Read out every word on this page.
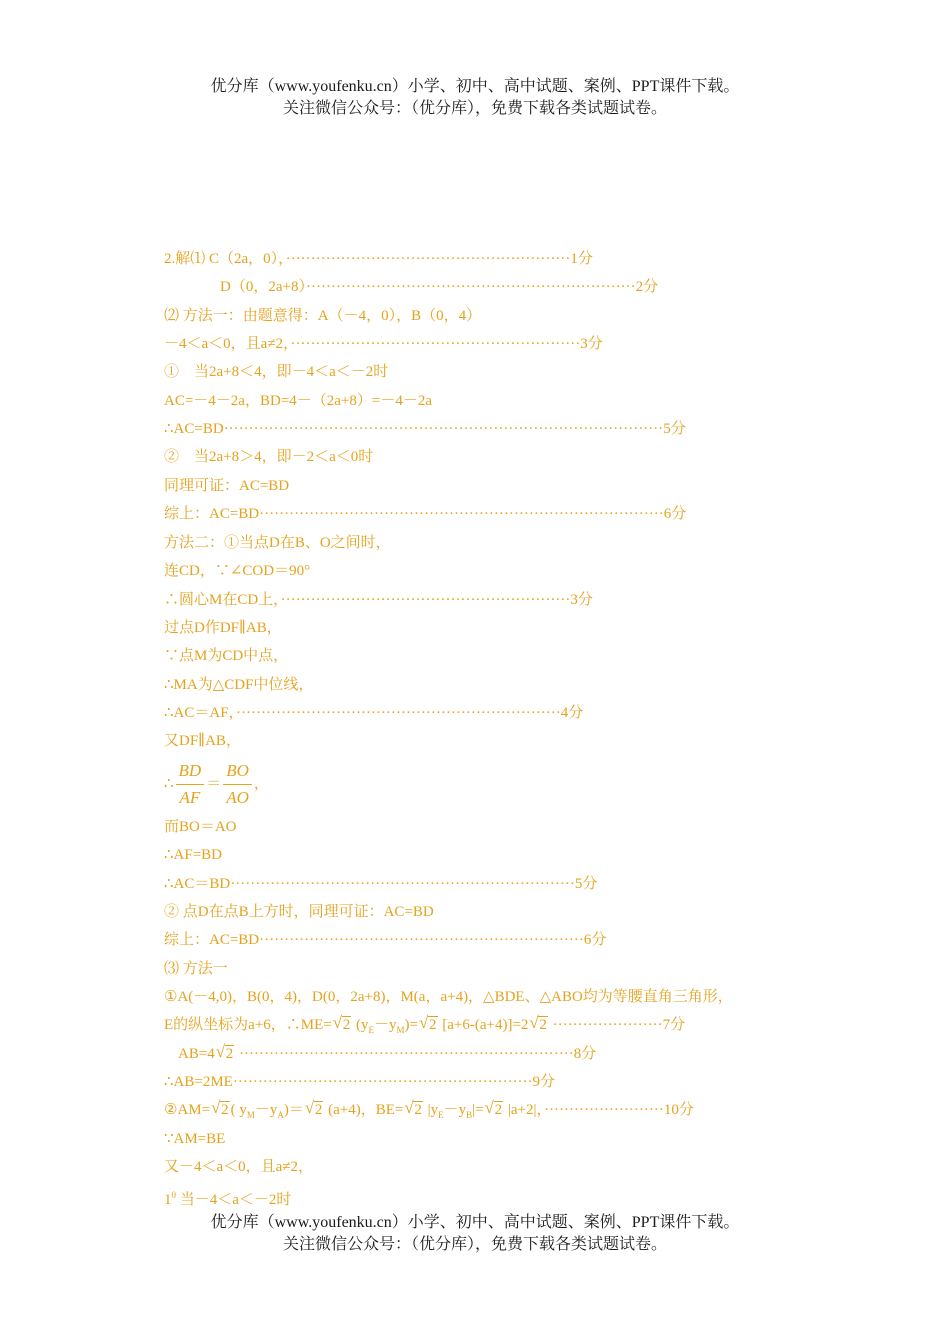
优分库（www.youfenku.cn）小学、初中、高中试题、案例、PPT课件下载。
关注微信公众号：（优分库），免费下载各类试题试卷。
2.解⑴ C（2a，0），·························································1分
D（0，2a+8）··································································2分
⑵ 方法一：由题意得：A（－4，0），B（0，4）
－4＜a＜0，且a≠2，··························································3分
①　当2a+8＜4，即－4＜a＜－2时
AC=－4－2a，BD=4－（2a+8）=－4－2a
∴AC=BD························································································5分
②　当2a+8＞4，即－2＜a＜0时
同理可证：AC=BD
综上：AC=BD·················································································6分
方法二：①当点D在B、O之间时，
连CD，∵∠COD＝90°
∴圆心M在CD上，··························································3分
过点D作DF∥AB，
∵点M为CD中点，
∴MA为△CDF中位线，
∴AC＝AF，·································································4分
又DF∥AB，
∴ $\frac{BD}{AF} = \frac{BO}{AO}$ ，
而BO＝AO
∴AF=BD
∴AC＝BD·····································································5分
② 点D在点B上方时，同理可证：AC=BD
综上：AC=BD·································································6分
⑶ 方法一
①A(－4,0)，B(0，4)，D(0，2a+8)，M(a，a+4)，△BDE、△ABO均为等腰直角三角形，
E的纵坐标为a+6，∴ME= √ 2 $(y_E-y_M)=$ √ 2 [a+6-(a+4)]=2 √ 2 ······················7分
AB=4 √ 2 ···································································8分
∴AB=2ME····························································9分
②AM= √ 2 ( $y_M-y_A)=$ √ 2 (a+4)，BE= √ 2 $|y_E-y_B|=$ √ 2 |a+2|，························10分
∵AM=BE
又－4＜a＜0，且a≠2，
$1^0$ 当－4＜a＜－2时
优分库（www.youfenku.cn）小学、初中、高中试题、案例、PPT课件下载。
关注微信公众号：（优分库），免费下载各类试题试卷。
